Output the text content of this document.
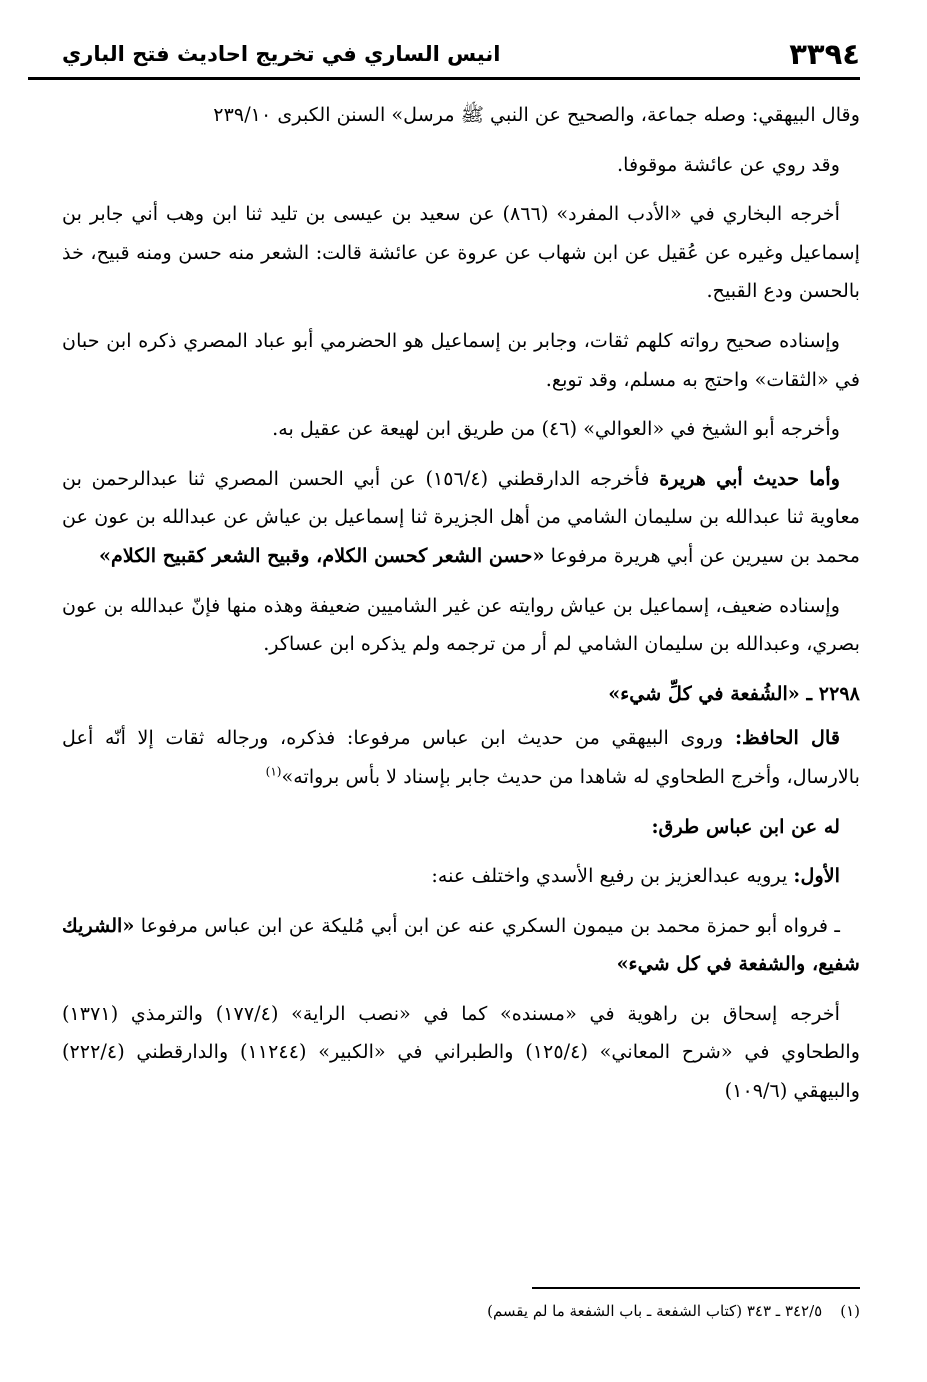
٣٣٩٤
انيس الساري في تخريج احاديث فتح الباري

وقال البيهقي: وصله جماعة، والصحيح عن النبي ﷺ مرسل» السنن الكبرى ٢٣٩/١٠

وقد روي عن عائشة موقوفا.

أخرجه البخاري في «الأدب المفرد» (٨٦٦) عن سعيد بن عيسى بن تليد ثنا ابن وهب أني جابر بن إسماعيل وغيره عن عُقيل عن ابن شهاب عن عروة عن عائشة قالت: الشعر منه حسن ومنه قبيح، خذ بالحسن ودع القبيح.

وإسناده صحيح رواته كلهم ثقات، وجابر بن إسماعيل هو الحضرمي أبو عباد المصري ذكره ابن حبان في «الثقات» واحتج به مسلم، وقد توبع.

وأخرجه أبو الشيخ في «العوالي» (٤٦) من طريق ابن لهيعة عن عقيل به.

وأما حديث أبي هريرة فأخرجه الدارقطني (١٥٦/٤) عن أبي الحسن المصري ثنا عبدالرحمن بن معاوية ثنا عبدالله بن سليمان الشامي من أهل الجزيرة ثنا إسماعيل بن عياش عن عبدالله بن عون عن محمد بن سيرين عن أبي هريرة مرفوعا «حسن الشعر كحسن الكلام، وقبيح الشعر كقبيح الكلام»

وإسناده ضعيف، إسماعيل بن عياش روايته عن غير الشاميين ضعيفة وهذه منها فإنّ عبدالله بن عون بصري، وعبدالله بن سليمان الشامي لم أر من ترجمه ولم يذكره ابن عساكر.

٢٢٩٨ ـ «الشُفعة في كلِّ شيء»

قال الحافظ: وروى البيهقي من حديث ابن عباس مرفوعا: فذكره، ورجاله ثقات إلا أنّه أعل بالارسال، وأخرج الطحاوي له شاهدا من حديث جابر بإسناد لا بأس برواته»$^{(١)}$

له عن ابن عباس طرق:

الأول: يرويه عبدالعزيز بن رفيع الأسدي واختلف عنه:

ـ فرواه أبو حمزة محمد بن ميمون السكري عنه عن ابن أبي مُليكة عن ابن عباس مرفوعا «الشريك شفيع، والشفعة في كل شيء»

أخرجه إسحاق بن راهوية في «مسنده» كما في «نصب الراية» (١٧٧/٤) والترمذي (١٣٧١) والطحاوي في «شرح المعاني» (١٢٥/٤) والطبراني في «الكبير» (١١٢٤٤) والدارقطني (٢٢٢/٤) والبيهقي (١٠٩/٦)

(١)
٣٤٢/٥ ـ ٣٤٣ (كتاب الشفعة ـ باب الشفعة ما لم يقسم)
